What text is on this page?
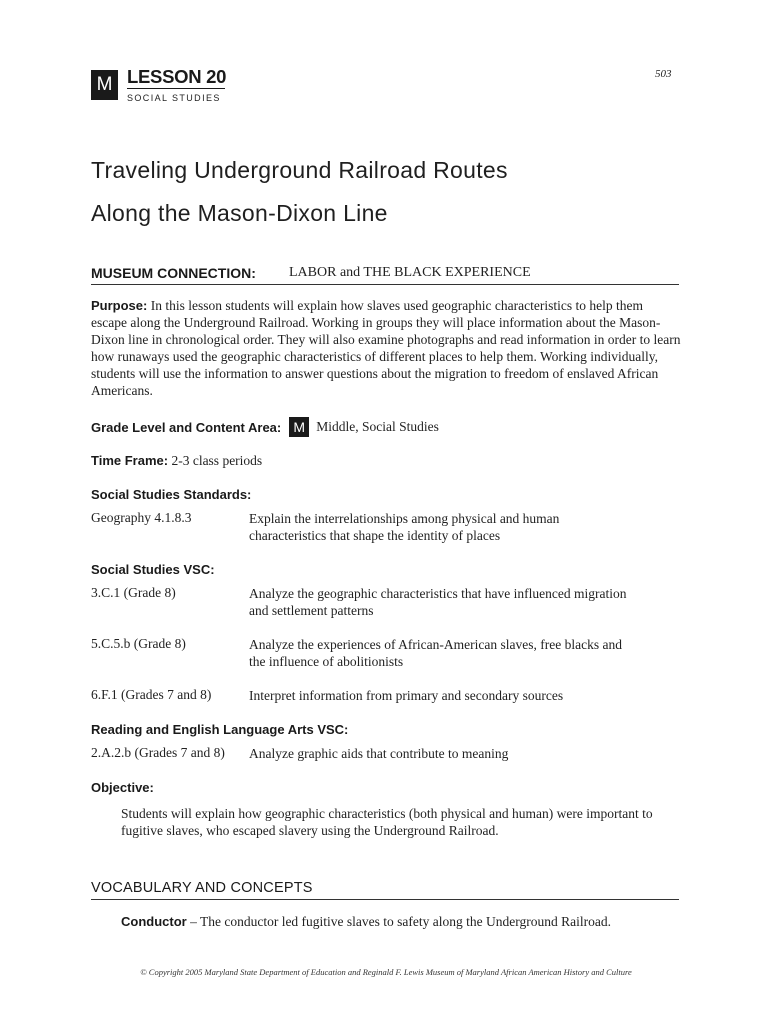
503
M LESSON 20
SOCIAL STUDIES
Traveling Underground Railroad Routes
Along the Mason-Dixon Line
MUSEUM CONNECTION: LABOR and THE BLACK EXPERIENCE
Purpose: In this lesson students will explain how slaves used geographic characteristics to help them escape along the Underground Railroad. Working in groups they will place information about the Mason-Dixon line in chronological order. They will also examine photographs and read information in order to learn how runaways used the geographic characteristics of different places to help them. Working individually, students will use the information to answer questions about the migration to freedom of enslaved African Americans.
Grade Level and Content Area: M Middle, Social Studies
Time Frame: 2-3 class periods
Social Studies Standards:
Geography 4.1.8.3	Explain the interrelationships among physical and human characteristics that shape the identity of places
Social Studies VSC:
3.C.1 (Grade 8)	Analyze the geographic characteristics that have influenced migration and settlement patterns
5.C.5.b (Grade 8)	Analyze the experiences of African-American slaves, free blacks and the influence of abolitionists
6.F.1 (Grades 7 and 8)	Interpret information from primary and secondary sources
Reading and English Language Arts VSC:
2.A.2.b (Grades 7 and 8) Analyze graphic aids that contribute to meaning
Objective:
Students will explain how geographic characteristics (both physical and human) were important to fugitive slaves, who escaped slavery using the Underground Railroad.
VOCABULARY AND CONCEPTS
Conductor – The conductor led fugitive slaves to safety along the Underground Railroad.
© Copyright 2005 Maryland State Department of Education and Reginald F. Lewis Museum of Maryland African American History and Culture
